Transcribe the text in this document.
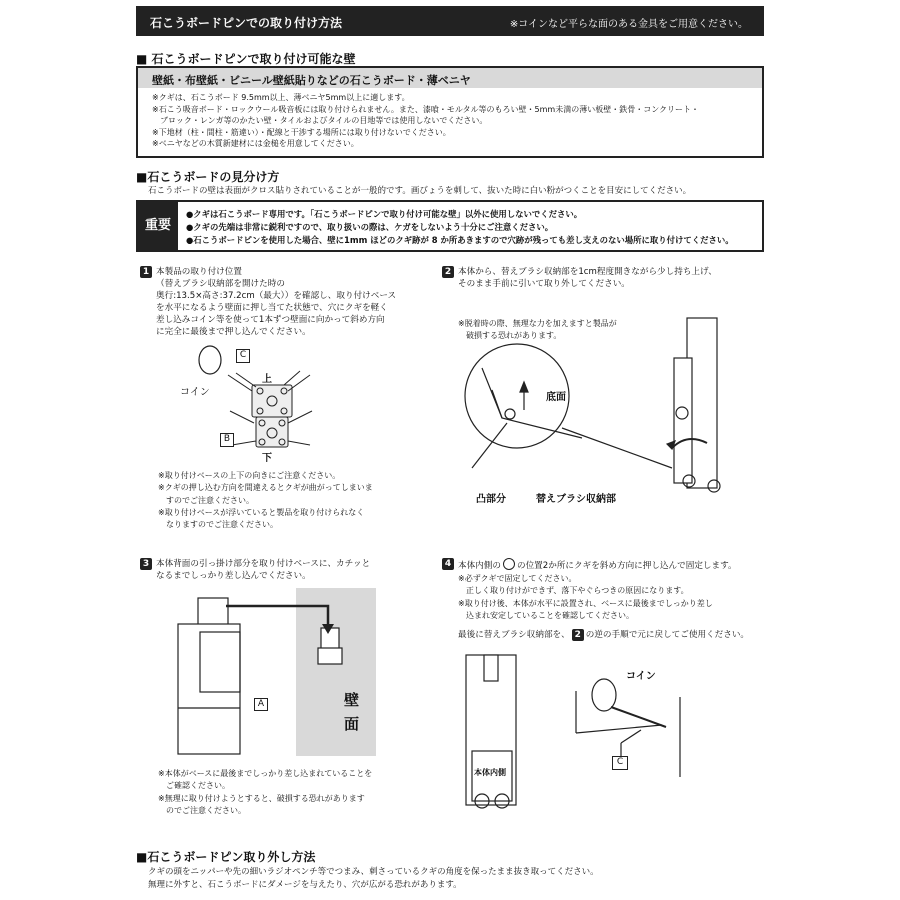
石こうボードピンでの取り付け方法	※コインなど平らな面のある金具をご用意ください。
■ 石こうボードピンで取り付け可能な壁
壁紙・布壁紙・ビニール壁紙貼りなどの石こうボード・薄ベニヤ
※クギは、石こうボード 9.5mm以上、薄ベニヤ5mm以上に適します。
※石こう吸音ボード・ロックウール吸音板には取り付けられません。また、漆喰・モルタル等のもろい壁・5mm未満の薄い板壁・鉄骨・コンクリート・
　ブロック・レンガ等のかたい壁・タイルおよびタイルの目地等では使用しないでください。
※下地材（柱・間柱・筋違い）・配線と干渉する場所には取り付けないでください。
※ベニヤなどの木質新建材には金槌を用意してください。
■石こうボードの見分け方
石こうボードの壁は表面がクロス貼りされていることが一般的です。画びょうを刺して、抜いた時に白い粉がつくことを目安にしてください。
重要
●クギは石こうボード専用です。「石こうボードピンで取り付け可能な壁」以外に使用しないでください。
●クギの先端は非常に鋭利ですので、取り扱いの際は、ケガをしないよう十分にご注意ください。
●石こうボードピンを使用した場合、壁に1mm ほどのクギ跡が 8 か所あきますので穴跡が残っても差し支えのない場所に取り付けてください。
1 本製品の取り付け位置
（替えブラシ収納部を開けた時の
奥行:13.5×高さ:37.2cm（最大））を確認し、取り付けベース
を水平になるよう壁面に押し当てた状態で、穴にクギを軽く
差し込みコイン等を使って1本ずつ壁面に向かって斜め方向
に完全に最後まで押し込んでください。
コイン
上
下
C
B
※取り付けベースの上下の向きにご注意ください。
※クギの押し込む方向を間違えるとクギが曲がってしまいま
　すのでご注意ください。
※取り付けベースが浮いていると製品を取り付けられなく
　なりますのでご注意ください。
2 本体から、替えブラシ収納部を1cm程度開きながら少し持ち上げ、
そのまま手前に引いて取り外してください。
※脱着時の際、無理な力を加えますと製品が
　破損する恐れがあります。
底面
凸部分	替えブラシ収納部
3 本体背面の引っ掛け部分を取り付けベースに、カチッと
なるまでしっかり差し込んでください。
壁
面
A
※本体がベースに最後までしっかり差し込まれていることを
　ご確認ください。
※無理に取り付けようとすると、破損する恐れがあります
　のでご注意ください。
4 本体内側の ○ の位置2か所にクギを斜め方向に押し込んで固定します。
※必ずクギで固定してください。
　正しく取り付けができず、落下やぐらつきの原因になります。
※取り付け後、本体が水平に設置され、ベースに最後までしっかり差し
　込まれ安定していることを確認してください。
最後に替えブラシ収納部を、 2 の逆の手順で元に戻してご使用ください。
コイン
本体内側
C
■石こうボードピン取り外し方法
クギの頭をニッパーや先の細いラジオペンチ等でつまみ、刺さっているクギの角度を保ったまま抜き取ってください。
無理に外すと、石こうボードにダメージを与えたり、穴が広がる恐れがあります。
